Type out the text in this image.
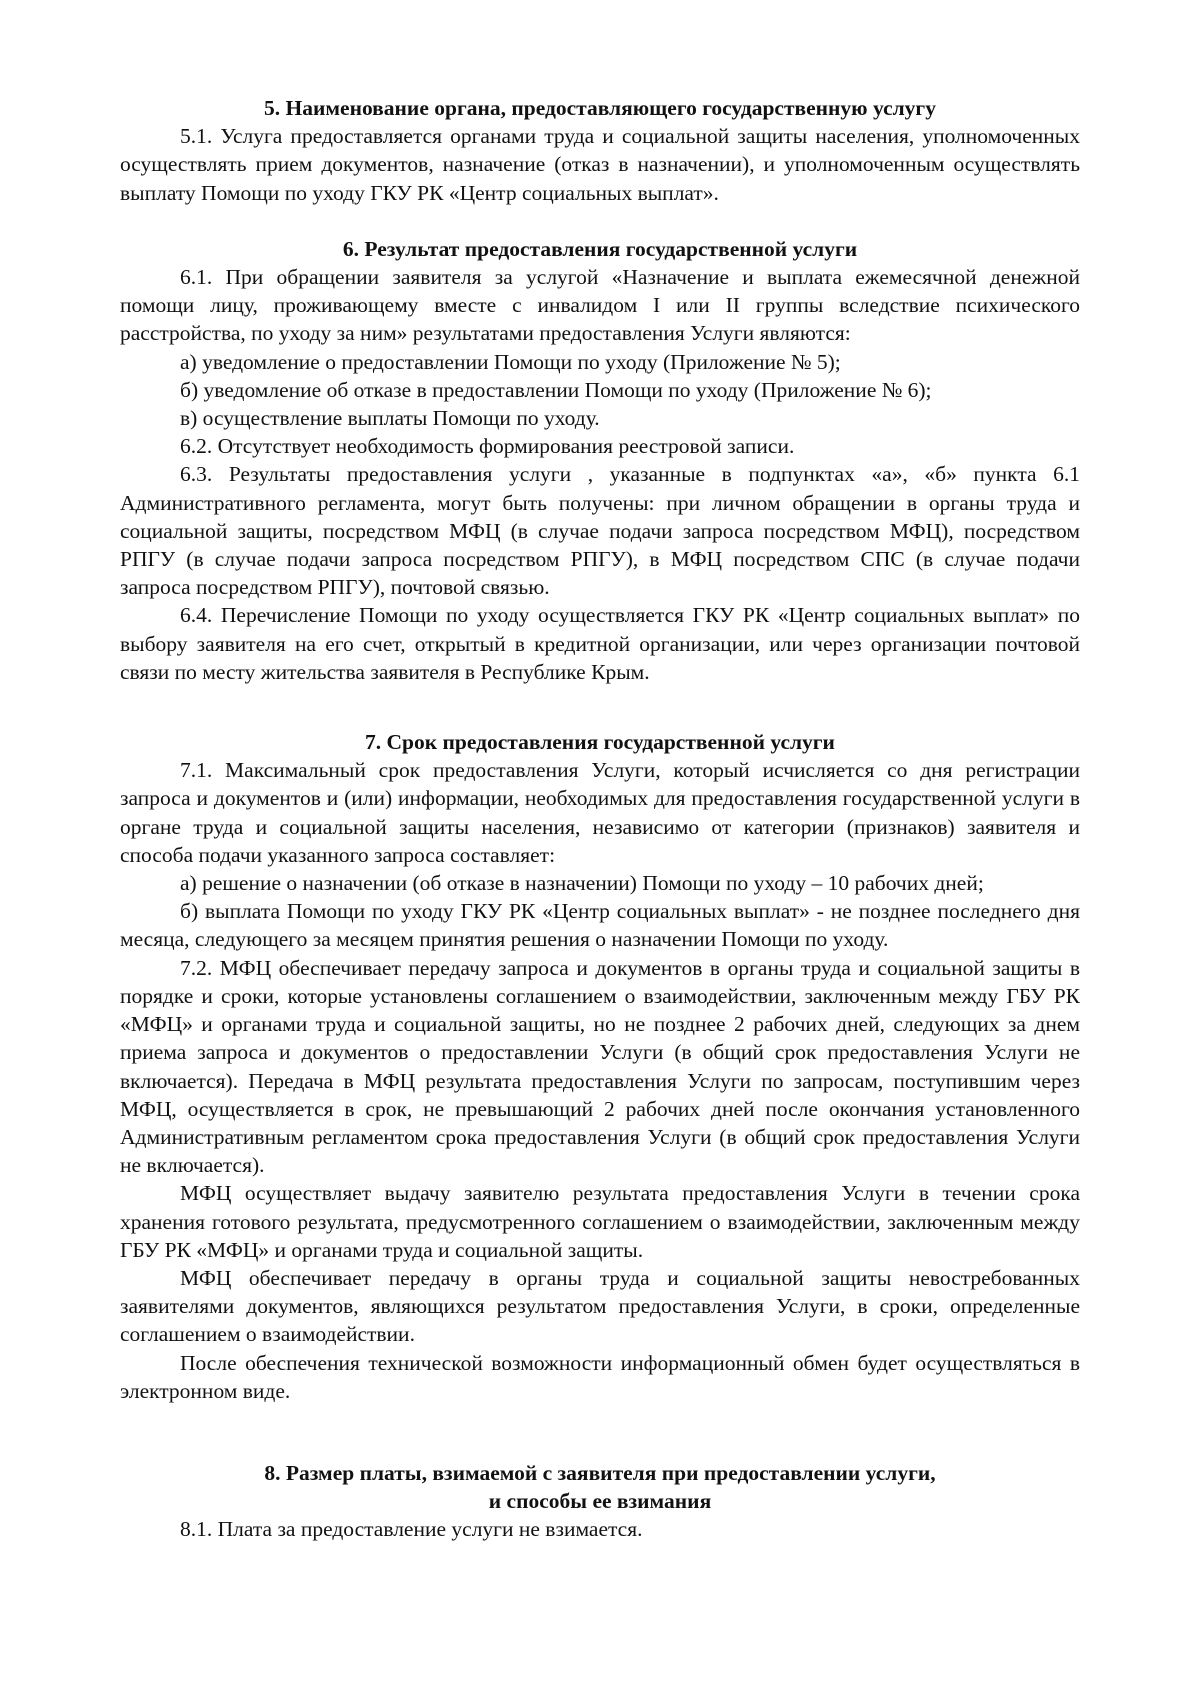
5. Наименование органа, предоставляющего государственную услугу

5.1. Услуга предоставляется органами труда и социальной защиты населения, уполномоченных осуществлять прием документов, назначение (отказ в назначении), и уполномоченным осуществлять выплату Помощи по уходу ГКУ РК «Центр социальных выплат».

6. Результат предоставления государственной услуги

6.1. При обращении заявителя за услугой «Назначение и выплата ежемесячной денежной помощи лицу, проживающему вместе с инвалидом I или II группы вследствие психического расстройства, по уходу за ним» результатами предоставления Услуги являются:

а) уведомление о предоставлении Помощи по уходу (Приложение № 5);

б) уведомление об отказе в предоставлении Помощи по уходу (Приложение № 6);

в) осуществление выплаты Помощи по уходу.

6.2. Отсутствует необходимость формирования реестровой записи.

6.3. Результаты предоставления услуги , указанные в подпунктах «а», «б» пункта 6.1 Административного регламента, могут быть получены: при личном обращении в органы труда и социальной защиты, посредством МФЦ (в случае подачи запроса посредством МФЦ), посредством РПГУ (в случае подачи запроса посредством РПГУ), в МФЦ посредством СПС (в случае подачи запроса посредством РПГУ), почтовой связью.

6.4. Перечисление Помощи по уходу осуществляется ГКУ РК «Центр социальных выплат» по выбору заявителя на его счет, открытый в кредитной организации, или через организации почтовой связи по месту жительства заявителя в Республике Крым.

7. Срок предоставления государственной услуги

7.1. Максимальный срок предоставления Услуги, который исчисляется со дня регистрации запроса и документов и (или) информации, необходимых для предоставления государственной услуги в органе труда и социальной защиты населения, независимо от категории (признаков) заявителя и способа подачи указанного запроса составляет:

а) решение о назначении (об отказе в назначении) Помощи по уходу – 10 рабочих дней;

б) выплата Помощи по уходу ГКУ РК «Центр социальных выплат» - не позднее последнего дня месяца, следующего за месяцем принятия решения о назначении Помощи по уходу.

7.2. МФЦ обеспечивает передачу запроса и документов в органы труда и социальной защиты в порядке и сроки, которые установлены соглашением о взаимодействии, заключенным между ГБУ РК «МФЦ» и органами труда и социальной защиты, но не позднее 2 рабочих дней, следующих за днем приема запроса и документов о предоставлении Услуги (в общий срок предоставления Услуги не включается). Передача в МФЦ результата предоставления Услуги по запросам, поступившим через МФЦ, осуществляется в срок, не превышающий 2 рабочих дней после окончания установленного Административным регламентом срока предоставления Услуги (в общий срок предоставления Услуги не включается).

МФЦ осуществляет выдачу заявителю результата предоставления Услуги в течении срока хранения готового результата, предусмотренного соглашением о взаимодействии, заключенным между ГБУ РК «МФЦ» и органами труда и социальной защиты.

МФЦ обеспечивает передачу в органы труда и социальной защиты невостребованных заявителями документов, являющихся результатом предоставления Услуги, в сроки, определенные соглашением о взаимодействии.

После обеспечения технической возможности информационный обмен будет осуществляться в электронном виде.

8. Размер платы, взимаемой с заявителя при предоставлении услуги,
и способы ее взимания

8.1. Плата за предоставление услуги не взимается.
